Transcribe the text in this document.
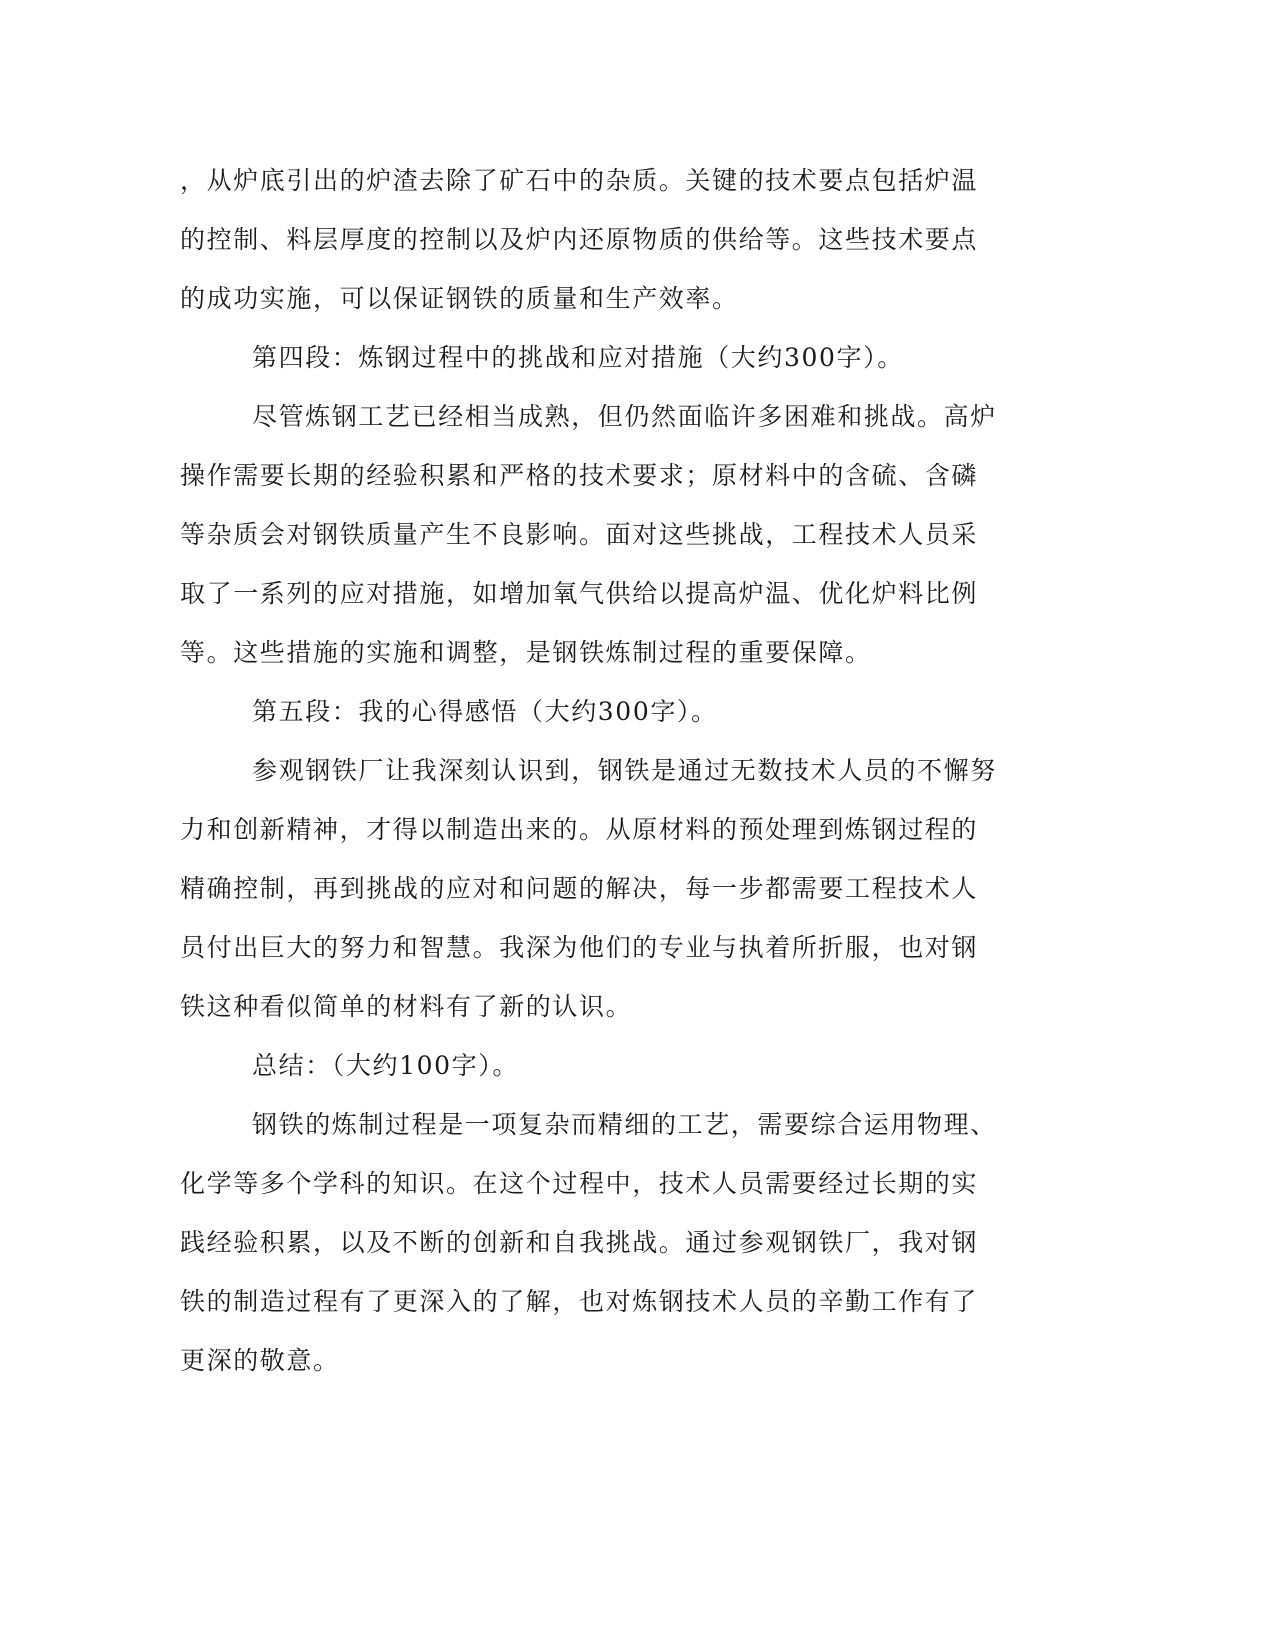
，从炉底引出的炉渣去除了矿石中的杂质。关键的技术要点包括炉温
的控制、料层厚度的控制以及炉内还原物质的供给等。这些技术要点
的成功实施，可以保证钢铁的质量和生产效率。
第四段：炼钢过程中的挑战和应对措施（大约300字）。
尽管炼钢工艺已经相当成熟，但仍然面临许多困难和挑战。高炉
操作需要长期的经验积累和严格的技术要求；原材料中的含硫、含磷
等杂质会对钢铁质量产生不良影响。面对这些挑战，工程技术人员采
取了一系列的应对措施，如增加氧气供给以提高炉温、优化炉料比例
等。这些措施的实施和调整，是钢铁炼制过程的重要保障。
第五段：我的心得感悟（大约300字）。
参观钢铁厂让我深刻认识到，钢铁是通过无数技术人员的不懈努
力和创新精神，才得以制造出来的。从原材料的预处理到炼钢过程的
精确控制，再到挑战的应对和问题的解决，每一步都需要工程技术人
员付出巨大的努力和智慧。我深为他们的专业与执着所折服，也对钢
铁这种看似简单的材料有了新的认识。
总结：（大约100字）。
钢铁的炼制过程是一项复杂而精细的工艺，需要综合运用物理、
化学等多个学科的知识。在这个过程中，技术人员需要经过长期的实
践经验积累，以及不断的创新和自我挑战。通过参观钢铁厂，我对钢
铁的制造过程有了更深入的了解，也对炼钢技术人员的辛勤工作有了
更深的敬意。
